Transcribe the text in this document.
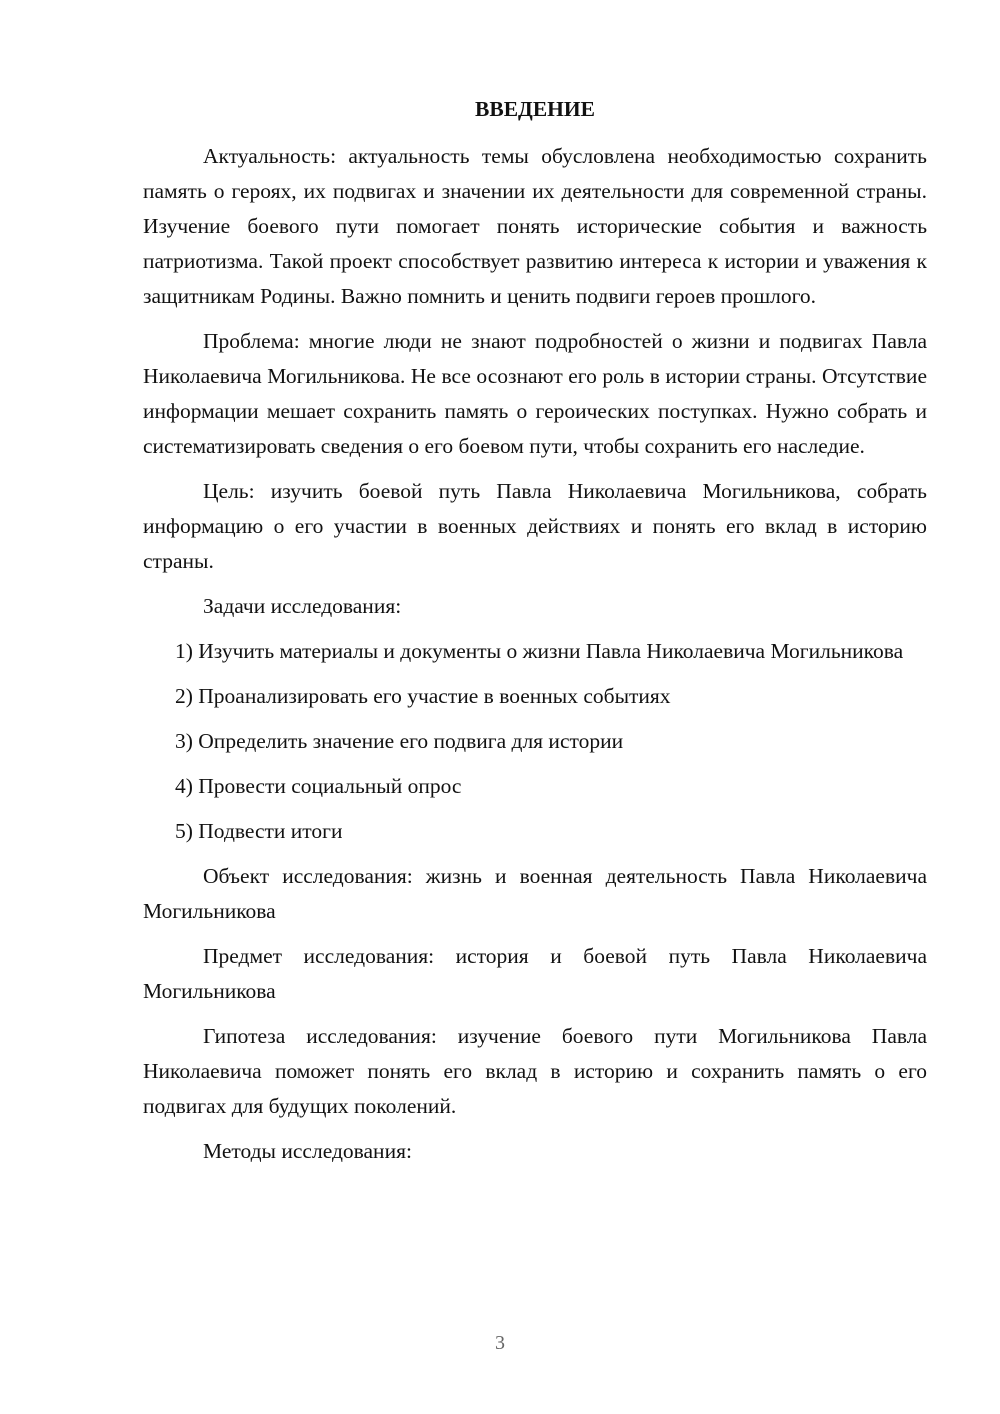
ВВЕДЕНИЕ

Актуальность: актуальность темы обусловлена необходимостью сохранить память о героях, их подвигах и значении их деятельности для современной страны. Изучение боевого пути помогает понять исторические события и важность патриотизма. Такой проект способствует развитию интереса к истории и уважения к защитникам Родины. Важно помнить и ценить подвиги героев прошлого.

Проблема: многие люди не знают подробностей о жизни и подвигах Павла Николаевича Могильникова. Не все осознают его роль в истории страны. Отсутствие информации мешает сохранить память о героических поступках. Нужно собрать и систематизировать сведения о его боевом пути, чтобы сохранить его наследие.

Цель: изучить боевой путь Павла Николаевича Могильникова, собрать информацию о его участии в военных действиях и понять его вклад в историю страны.

Задачи исследования:

1) Изучить материалы и документы о жизни Павла Николаевича Могильникова

2) Проанализировать его участие в военных событиях

3) Определить значение его подвига для истории

4) Провести социальный опрос

5) Подвести итоги

Объект исследования: жизнь и военная деятельность Павла Николаевича Могильникова

Предмет исследования: история и боевой путь Павла Николаевича Могильникова

Гипотеза исследования: изучение боевого пути Могильникова Павла Николаевича поможет понять его вклад в историю и сохранить память о его подвигах для будущих поколений.

Методы исследования:

3
